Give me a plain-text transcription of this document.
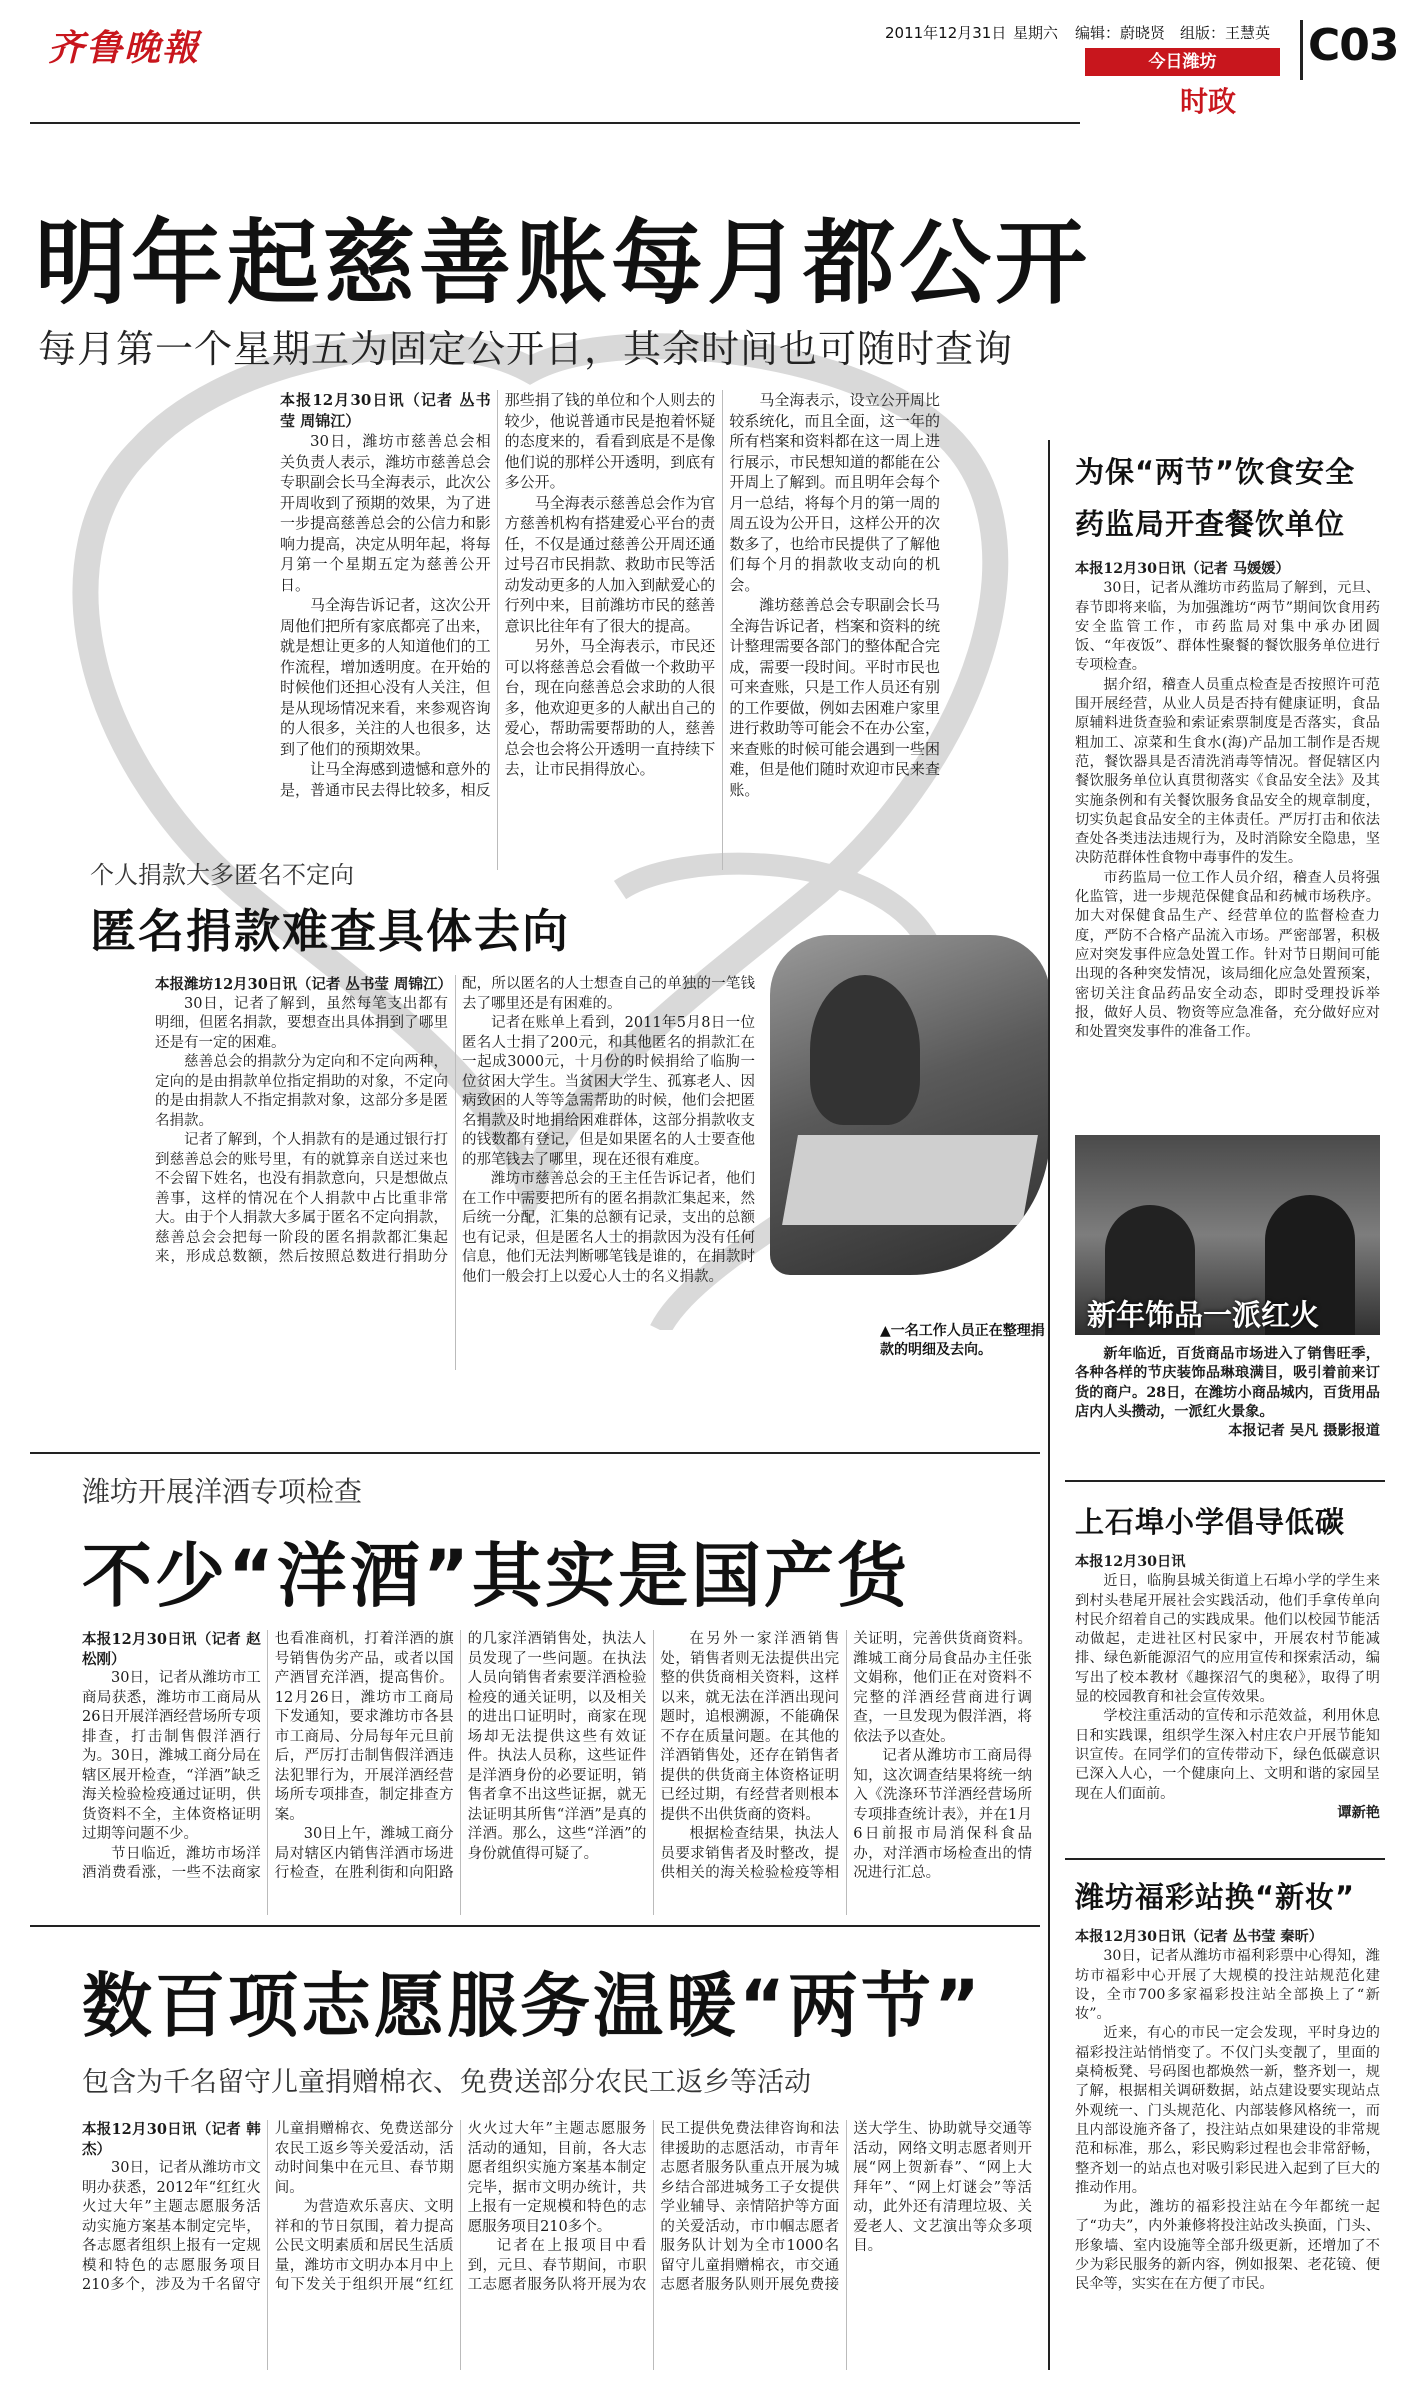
齐鲁晚報	2011年12月31日 星期六 编辑：蔚晓贤 组版：王慧英
今日潍坊
时政
C03
明年起慈善账每月都公开
每月第一个星期五为固定公开日，其余时间也可随时查询
本报12月30日讯（记者 丛书莹 周锦江）

30日，潍坊市慈善总会相关负责人表示，潍坊市慈善总会专职副会长马全海表示，此次公开周收到了预期的效果，为了进一步提高慈善总会的公信力和影响力提高，决定从明年起，将每月第一个星期五定为慈善公开日。

马全海告诉记者，这次公开周他们把所有家底都亮了出来，就是想让更多的人知道他们的工作流程，增加透明度。在开始的时候他们还担心没有人关注，但是从现场情况来看，来参观咨询的人很多，关注的人也很多，达到了他们的预期效果。

让马全海感到遗憾和意外的是，普通市民去得比较多，相反那些捐了钱的单位和个人则去的较少，他说普通市民是抱着怀疑的态度来的，看看到底是不是像他们说的那样公开透明，到底有多公开。

马全海表示慈善总会作为官方慈善机构有搭建爱心平台的责任，不仅是通过慈善公开周还通过号召市民捐款、救助市民等活动发动更多的人加入到献爱心的行列中来，目前潍坊市民的慈善意识比往年有了很大的提高。

另外，马全海表示，市民还可以将慈善总会看做一个救助平台，现在向慈善总会求助的人很多，他欢迎更多的人献出自己的爱心，帮助需要帮助的人，慈善总会也会将公开透明一直持续下去，让市民捐得放心。

马全海表示，设立公开周比较系统化，而且全面，这一年的所有档案和资料都在这一周上进行展示，市民想知道的都能在公开周上了解到。而且明年会每个月一总结，将每个月的第一周的周五设为公开日，这样公开的次数多了，也给市民提供了了解他们每个月的捐款收支动向的机会。

潍坊慈善总会专职副会长马全海告诉记者，档案和资料的统计整理需要各部门的整体配合完成，需要一段时间。平时市民也可来查账，只是工作人员还有别的工作要做，例如去困难户家里进行救助等可能会不在办公室，来查账的时候可能会遇到一些困难，但是他们随时欢迎市民来查账。

个人捐款大多匿名不定向
匿名捐款难查具体去向
本报潍坊12月30日讯（记者 丛书莹 周锦江）

30日，记者了解到，虽然每笔支出都有明细，但匿名捐款，要想查出具体捐到了哪里还是有一定的困难。

慈善总会的捐款分为定向和不定向两种，定向的是由捐款单位指定捐助的对象，不定向的是由捐款人不指定捐款对象，这部分多是匿名捐款。

记者了解到，个人捐款有的是通过银行打到慈善总会的账号里，有的就算亲自送过来也不会留下姓名，也没有捐款意向，只是想做点善事，这样的情况在个人捐款中占比重非常大。由于个人捐款大多属于匿名不定向捐款，慈善总会会把每一阶段的匿名捐款都汇集起来，形成总数额，然后按照总数进行捐助分配，所以匿名的人士想查自己的单独的一笔钱去了哪里还是有困难的。

记者在账单上看到，2011年5月8日一位匿名人士捐了200元，和其他匿名的捐款汇在一起成3000元，十月份的时候捐给了临朐一位贫困大学生。当贫困大学生、孤寡老人、因病致困的人等等急需帮助的时候，他们会把匿名捐款及时地捐给困难群体，这部分捐款收支的钱数都有登记，但是如果匿名的人士要查他的那笔钱去了哪里，现在还很有难度。

潍坊市慈善总会的王主任告诉记者，他们在工作中需要把所有的匿名捐款汇集起来，然后统一分配，汇集的总额有记录，支出的总额也有记录，但是匿名人士的捐款因为没有任何信息，他们无法判断哪笔钱是谁的，在捐款时他们一般会打上以爱心人士的名义捐款。

▲一名工作人员正在整理捐款的明细及去向。
潍坊开展洋酒专项检查
不少“洋酒”其实是国产货
本报12月30日讯（记者 赵松刚）

30日，记者从潍坊市工商局获悉，潍坊市工商局从26日开展洋酒经营场所专项排查，打击制售假洋酒行为。30日，潍城工商分局在辖区展开检查，“洋酒”缺乏海关检验检疫通过证明，供货资料不全，主体资格证明过期等问题不少。

节日临近，潍坊市场洋酒消费看涨，一些不法商家也看准商机，打着洋酒的旗号销售伪劣产品，或者以国产酒冒充洋酒，提高售价。12月26日，潍坊市工商局下发通知，要求潍坊市各县市工商局、分局每年元旦前后，严厉打击制售假洋酒违法犯罪行为，开展洋酒经营场所专项排查，制定排查方案。

30日上午，潍城工商分局对辖区内销售洋酒市场进行检查，在胜利街和向阳路的几家洋酒销售处，执法人员发现了一些问题。在执法人员向销售者索要洋酒检验检疫的通关证明，以及相关的进出口证明时，商家在现场却无法提供这些有效证件。执法人员称，这些证件是洋酒身份的必要证明，销售者拿不出这些证据，就无法证明其所售“洋酒”是真的洋酒。那么，这些“洋酒”的身份就值得可疑了。

在另外一家洋酒销售处，销售者则无法提供出完整的供货商相关资料，这样以来，就无法在洋酒出现问题时，追根溯源，不能确保不存在质量问题。在其他的洋酒销售处，还存在销售者提供的供货商主体资格证明已经过期，有经营者则根本提供不出供货商的资料。

根据检查结果，执法人员要求销售者及时整改，提供相关的海关检验检疫等相关证明，完善供货商资料。潍城工商分局食品办主任张文娟称，他们正在对资料不完整的洋酒经营商进行调查，一旦发现为假洋酒，将依法予以查处。

记者从潍坊市工商局得知，这次调查结果将统一纳入《洗涤环节洋酒经营场所专项排查统计表》，并在1月6日前报市局消保科食品办，对洋酒市场检查出的情况进行汇总。

数百项志愿服务温暖“两节”
包含为千名留守儿童捐赠棉衣、免费送部分农民工返乡等活动
本报12月30日讯（记者 韩杰）

30日，记者从潍坊市文明办获悉，2012年“红红火火过大年”主题志愿服务活动实施方案基本制定完毕，各志愿者组织上报有一定规模和特色的志愿服务项目210多个，涉及为千名留守儿童捐赠棉衣、免费送部分农民工返乡等关爱活动，活动时间集中在元旦、春节期间。

为营造欢乐喜庆、文明祥和的节日氛围，着力提高公民文明素质和居民生活质量，潍坊市文明办本月中上旬下发关于组织开展“红红火火过大年”主题志愿服务活动的通知，目前，各大志愿者组织实施方案基本制定完毕，据市文明办统计，共上报有一定规模和特色的志愿服务项目210多个。

记者在上报项目中看到，元旦、春节期间，市职工志愿者服务队将开展为农民工提供免费法律咨询和法律援助的志愿活动，市青年志愿者服务队重点开展为城乡结合部进城务工子女提供学业辅导、亲情陪护等方面的关爱活动，市巾帼志愿者服务队计划为全市1000名留守儿童捐赠棉衣，市交通志愿者服务队则开展免费接送大学生、协助就导交通等活动，网络文明志愿者则开展“网上贺新春”、“网上大拜年”、“网上灯谜会”等活动，此外还有清理垃圾、关爱老人、文艺演出等众多项目。

为保“两节”饮食安全
药监局开查餐饮单位
本报12月30日讯（记者 马媛媛）

30日，记者从潍坊市药监局了解到，元旦、春节即将来临，为加强潍坊“两节”期间饮食用药安全监管工作，市药监局对集中承办团圆饭、“年夜饭”、群体性聚餐的餐饮服务单位进行专项检查。

据介绍，稽查人员重点检查是否按照许可范围开展经营，从业人员是否持有健康证明，食品原辅料进货查验和索证索票制度是否落实，食品粗加工、凉菜和生食水(海)产品加工制作是否规范，餐饮器具是否清洗消毒等情况。督促辖区内餐饮服务单位认真贯彻落实《食品安全法》及其实施条例和有关餐饮服务食品安全的规章制度，切实负起食品安全的主体责任。严厉打击和依法查处各类违法违规行为，及时消除安全隐患，坚决防范群体性食物中毒事件的发生。

市药监局一位工作人员介绍，稽查人员将强化监管，进一步规范保健食品和药械市场秩序。加大对保健食品生产、经营单位的监督检查力度，严防不合格产品流入市场。严密部署，积极应对突发事件应急处置工作。针对节日期间可能出现的各种突发情况，该局细化应急处置预案，密切关注食品药品安全动态，即时受理投诉举报，做好人员、物资等应急准备，充分做好应对和处置突发事件的准备工作。

新年饰品一派红火

新年临近，百货商品市场进入了销售旺季，各种各样的节庆装饰品琳琅满目，吸引着前来订货的商户。28日，在潍坊小商品城内，百货用品店内人头攒动，一派红火景象。

本报记者 吴凡 摄影报道
上石埠小学倡导低碳
本报12月30日讯

近日，临朐县城关街道上石埠小学的学生来到村头巷尾开展社会实践活动，他们手拿传单向村民介绍着自己的实践成果。他们以校园节能活动做起，走进社区村民家中，开展农村节能减排、绿色新能源沼气的应用宣传和探索活动，编写出了校本教材《趣探沼气的奥秘》，取得了明显的校园教育和社会宣传效果。

学校注重活动的宣传和示范效益，利用休息日和实践课，组织学生深入村庄农户开展节能知识宣传。在同学们的宣传带动下，绿色低碳意识已深入人心，一个健康向上、文明和谐的家园呈现在人们面前。

谭新艳
潍坊福彩站换“新妆”
本报12月30日讯（记者 丛书莹 秦昕）

30日，记者从潍坊市福利彩票中心得知，潍坊市福彩中心开展了大规模的投注站规范化建设，全市700多家福彩投注站全部换上了“新妆”。

近来，有心的市民一定会发现，平时身边的福彩投注站悄悄变了。不仅门头变靓了，里面的桌椅板凳、号码图也都焕然一新，整齐划一，规了解，根据相关调研数据，站点建设要实现站点外观统一、门头规范化、内部装修风格统一，而且内部设施齐备了，投注站点如果建设的非常规范和标准，那么，彩民购彩过程也会非常舒畅，整齐划一的站点也对吸引彩民进入起到了巨大的推动作用。

为此，潍坊的福彩投注站在今年都统一起了“功夫”，内外兼修将投注站改头换面，门头、形象墙、室内设施等全部升级更新，还增加了不少为彩民服务的新内容，例如报架、老花镜、便民伞等，实实在在方便了市民。
